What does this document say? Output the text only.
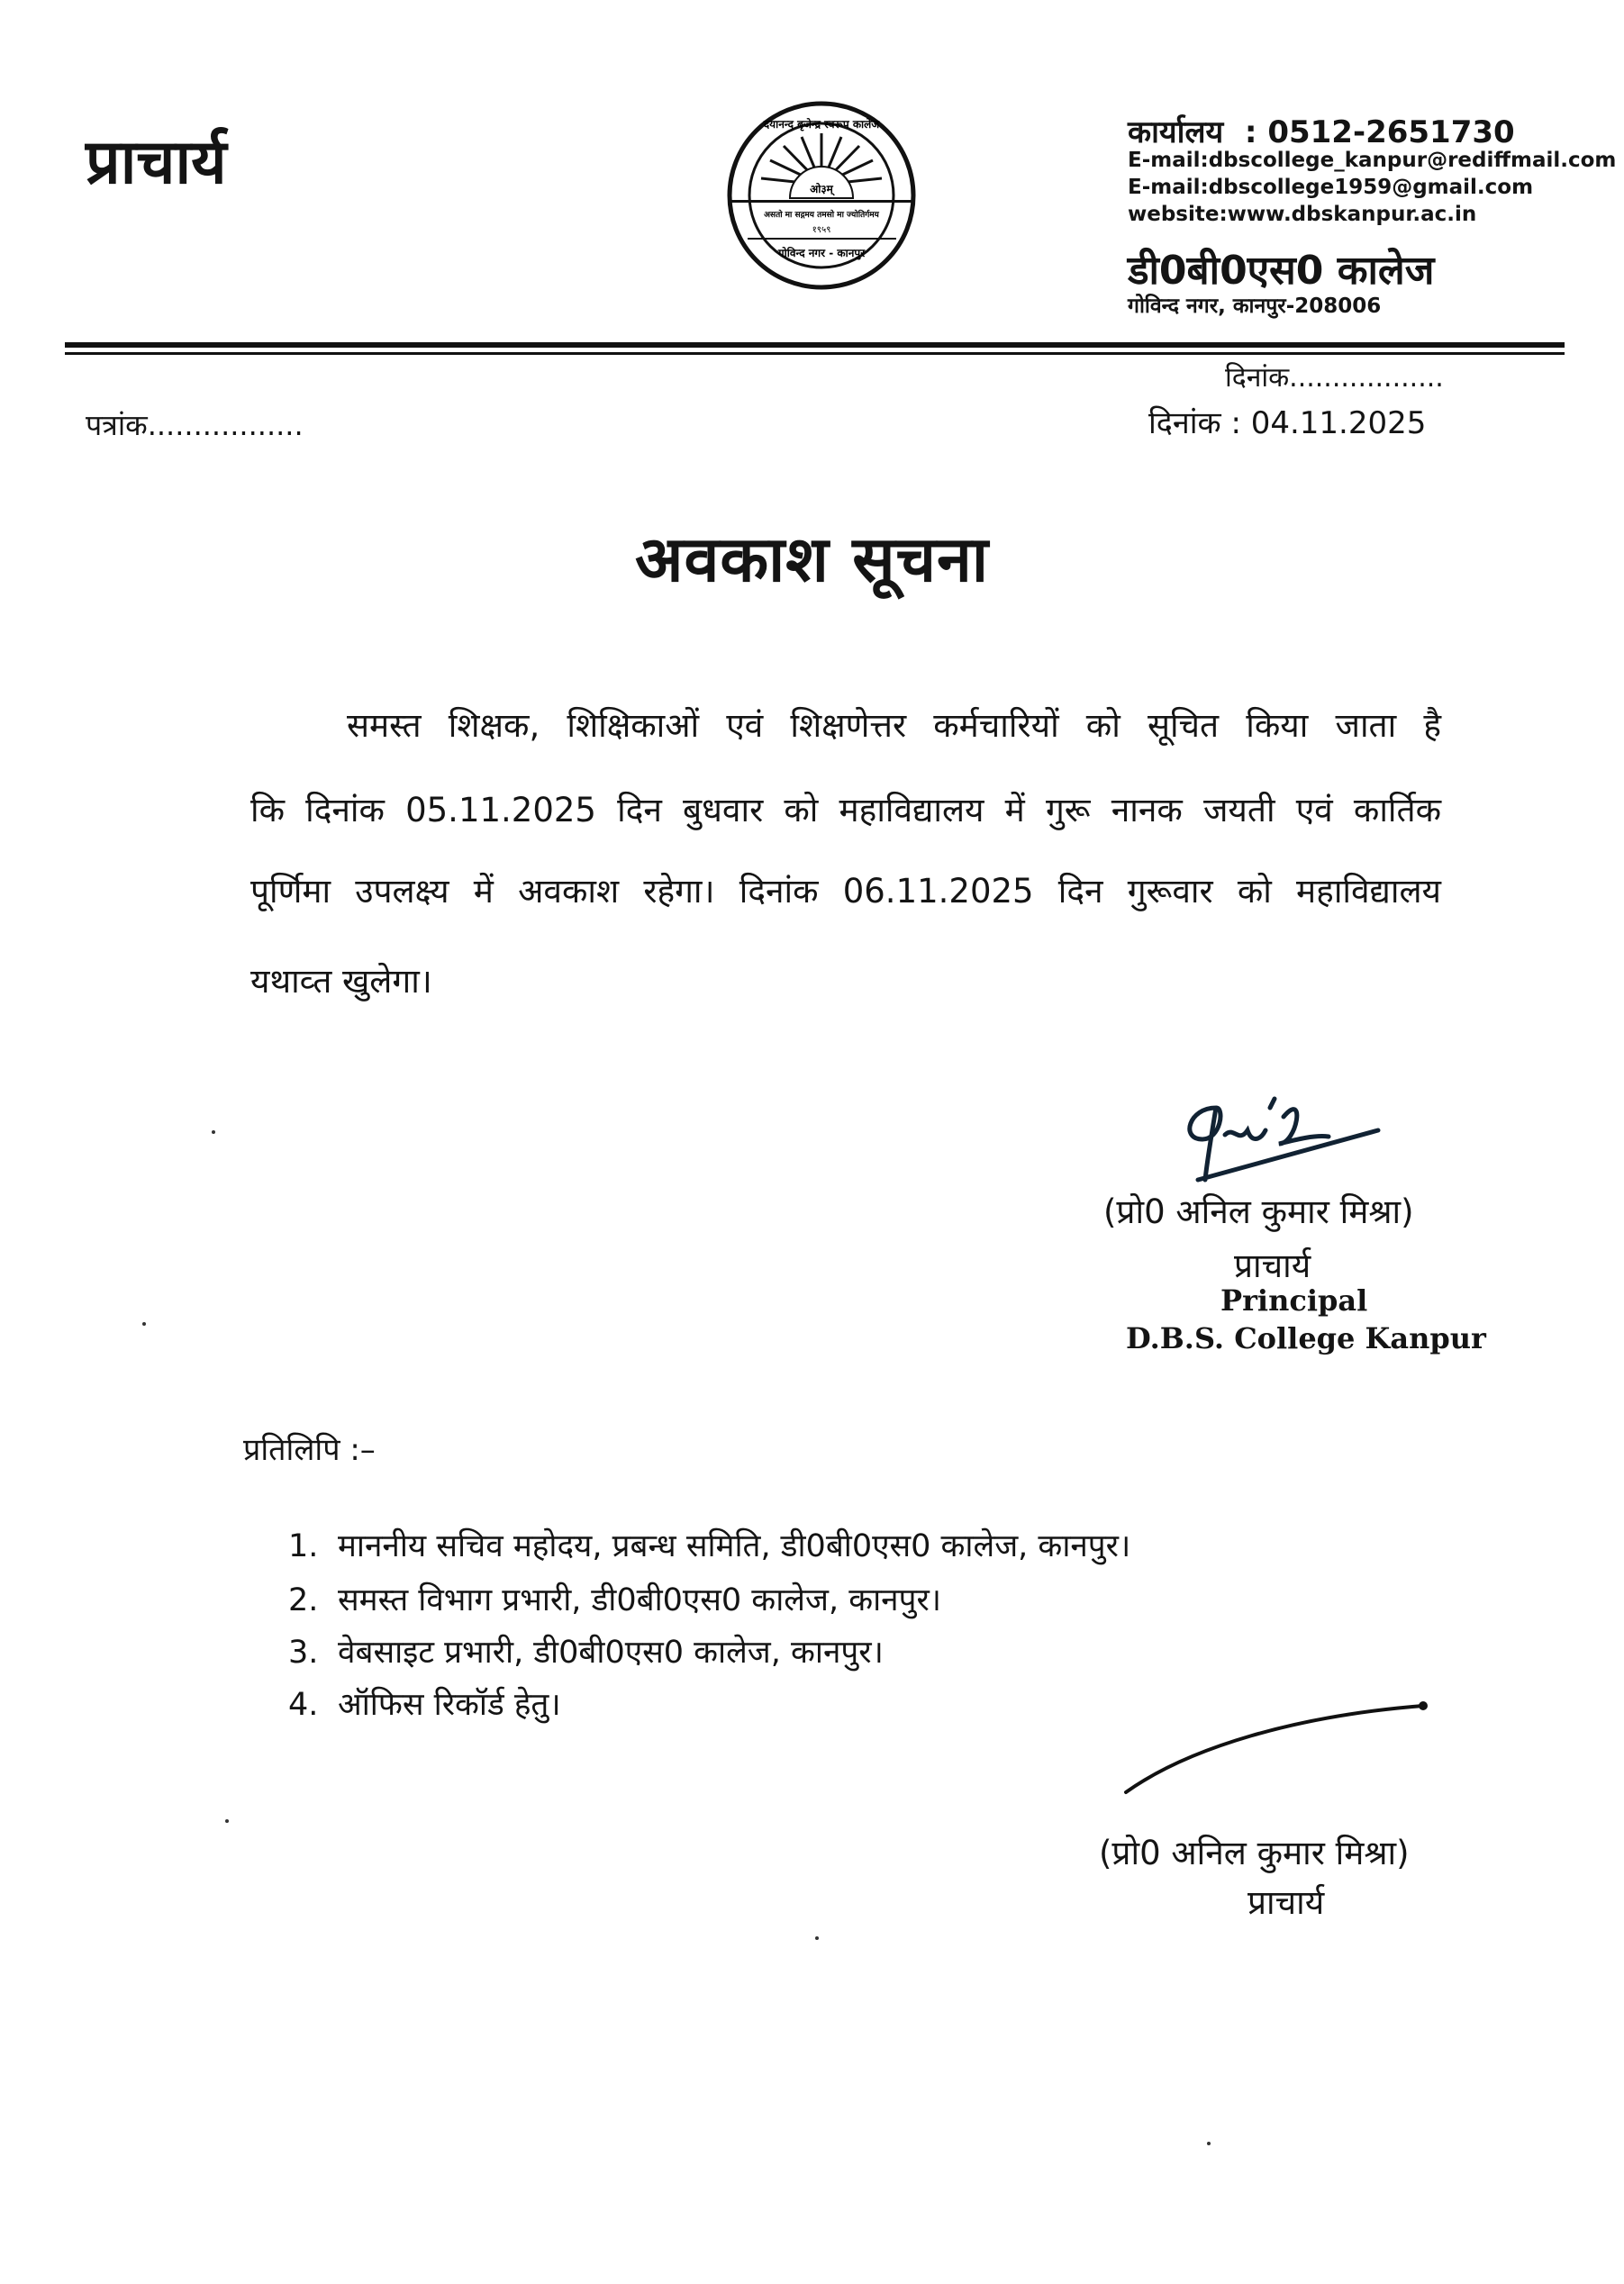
प्राचार्य	ओ३म्
असतो मा सद्गमय तमसो मा ज्योतिर्गमय
१९५९
गोविन्द नगर - कानपुर
दयानन्द बृजेन्द्र स्वरूप कालेज	कार्यालय  : 0512-2651730
E-mail:dbscollege_kanpur@rediffmail.com
E-mail:dbscollege1959@gmail.com
website:www.dbskanpur.ac.in
डी0बी0एस0 कालेज
गोविन्द नगर, कानपुर-208006
पत्रांक.................
दिनांक..................
दिनांक : 04.11.2025
अवकाश सूचना
समस्त शिक्षक, शिक्षिकाओं एवं शिक्षणेत्तर कर्मचारियों को सूचित किया जाता है
कि दिनांक 05.11.2025 दिन बुधवार को महाविद्यालय में गुरू नानक जयती एवं कार्तिक
पूर्णिमा उपलक्ष्य में अवकाश रहेगा। दिनांक 06.11.2025 दिन गुरूवार को महाविद्यालय
यथाव्त खुलेगा।
(प्रो0 अनिल कुमार मिश्रा)
प्राचार्य
Principal
D.B.S. College Kanpur
प्रतिलिपि :–
1. माननीय सचिव महोदय, प्रबन्ध समिति, डी0बी0एस0 कालेज, कानपुर।
2. समस्त विभाग प्रभारी, डी0बी0एस0 कालेज, कानपुर।
3. वेबसाइट प्रभारी, डी0बी0एस0 कालेज, कानपुर।
4. ऑफिस रिकॉर्ड हेतु।
(प्रो0 अनिल कुमार मिश्रा)
प्राचार्य
